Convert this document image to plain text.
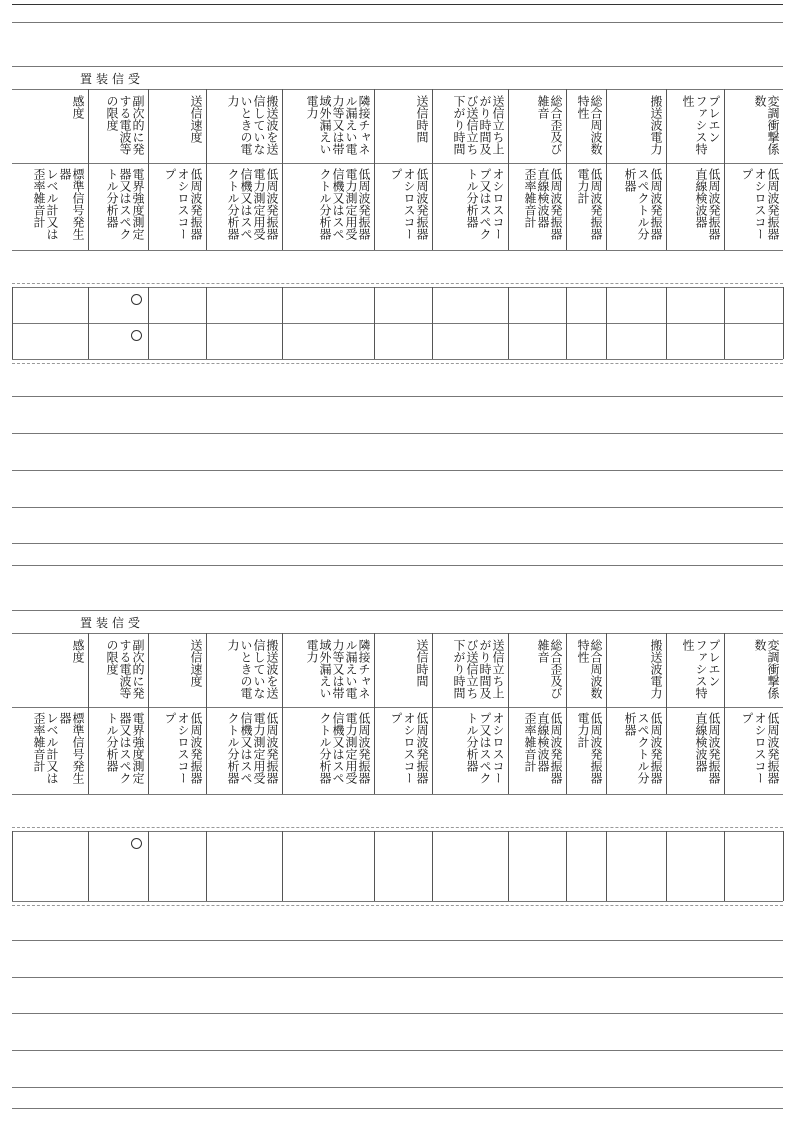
置装信受
感度
標準信号発生
器
レベル計又は
歪率雑音計
副次的に発
する電波等
の限度
電界強度測定
器又はスペク
トル分析器
送信速度
低周波発振器
オシロスコー
プ
搬送波を送
信していな
いときの電
力
低周波発振器
電力測定用受
信機又はスペ
クトル分析器
隣接チャネ
ル漏えい電
力等又は帯
域外漏えい
電力
低周波発振器
電力測定用受
信機又はスペ
クトル分析器
送信時間
低周波発振器
オシロスコー
プ
送信立ち上
がり時間及
び送信立ち
下がり時間
オシロスコー
プ又はスペク
トル分析器
総合歪及び
雑音
低周波発振器
直線検波器
歪率雑音計
総合周波数
特性
低周波発振器
電力計
搬送波電力
低周波発振器
スペクトル分
析器
プレエン
ファシス特
性
低周波発振器
直線検波器
変調衝撃係
数
低周波発振器
オシロスコー
プ
置装信受
感度
標準信号発生
器
レベル計又は
歪率雑音計
副次的に発
する電波等
の限度
電界強度測定
器又はスペク
トル分析器
送信速度
低周波発振器
オシロスコー
プ
搬送波を送
信していな
いときの電
力
低周波発振器
電力測定用受
信機又はスペ
クトル分析器
隣接チャネ
ル漏えい電
力等又は帯
域外漏えい
電力
低周波発振器
電力測定用受
信機又はスペ
クトル分析器
送信時間
低周波発振器
オシロスコー
プ
送信立ち上
がり時間及
び送信立ち
下がり時間
オシロスコー
プ又はスペク
トル分析器
総合歪及び
雑音
低周波発振器
直線検波器
歪率雑音計
総合周波数
特性
低周波発振器
電力計
搬送波電力
低周波発振器
スペクトル分
析器
プレエン
ファシス特
性
低周波発振器
直線検波器
変調衝撃係
数
低周波発振器
オシロスコー
プ
